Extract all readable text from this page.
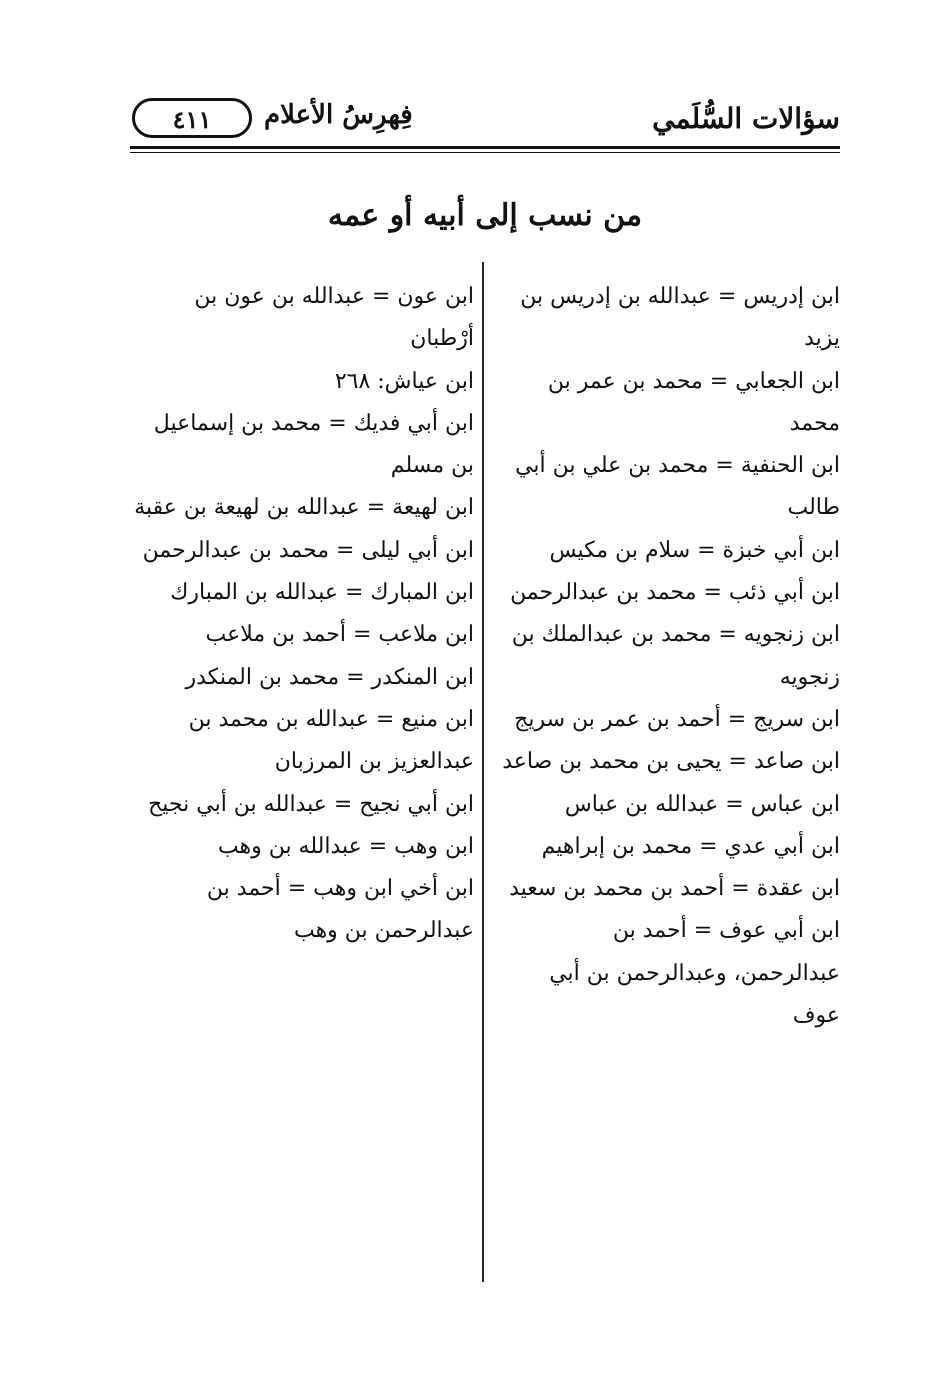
سؤالات السُّلَمي
فِهرِسُ الأعلام
٤١١
من نسب إلى أبيه أو عمه
ابن إدريس = عبدالله بن إدريس بن يزيد
ابن الجعابي = محمد بن عمر بن محمد
ابن الحنفية = محمد بن علي بن أبي طالب
ابن أبي خبزة = سلام بن مكيس
ابن أبي ذئب = محمد بن عبدالرحمن
ابن زنجويه = محمد بن عبدالملك بن زنجويه
ابن سريج = أحمد بن عمر بن سريج
ابن صاعد = يحيى بن محمد بن صاعد
ابن عباس = عبدالله بن عباس
ابن أبي عدي = محمد بن إبراهيم
ابن عقدة = أحمد بن محمد بن سعيد
ابن أبي عوف = أحمد بن عبدالرحمن، وعبدالرحمن بن أبي عوف
ابن عون = عبدالله بن عون بن أرْطبان
ابن عياش: ٢٦٨
ابن أبي فديك = محمد بن إسماعيل بن مسلم
ابن لهيعة = عبدالله بن لهيعة بن عقبة
ابن أبي ليلى = محمد بن عبدالرحمن
ابن المبارك = عبدالله بن المبارك
ابن ملاعب = أحمد بن ملاعب
ابن المنكدر = محمد بن المنكدر
ابن منيع = عبدالله بن محمد بن عبدالعزيز بن المرزبان
ابن أبي نجيح = عبدالله بن أبي نجيح
ابن وهب = عبدالله بن وهب
ابن أخي ابن وهب = أحمد بن عبدالرحمن بن وهب
